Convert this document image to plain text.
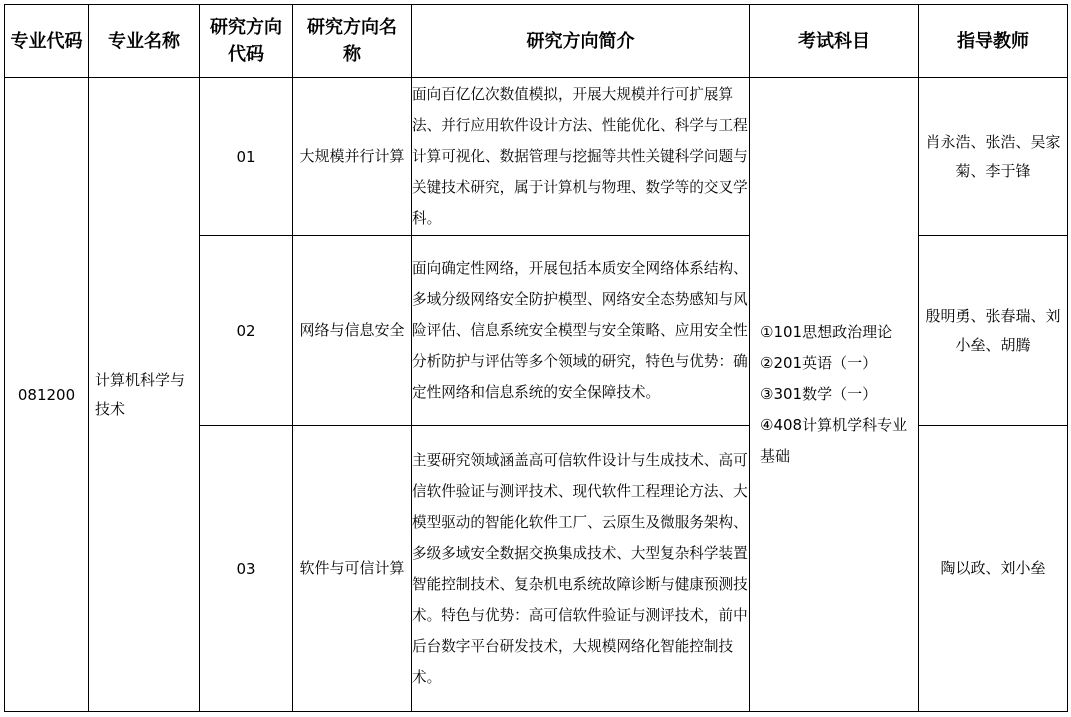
专业代码	专业名称	研究方向代码	研究方向名称	研究方向简介	考试科目	指导教师
081200	计算机科学与技术	01	大规模并行计算	面向百亿亿次数值模拟，开展大规模并行可扩展算法、并行应用软件设计方法、性能优化、科学与工程计算可视化、数据管理与挖掘等共性关键科学问题与关键技术研究，属于计算机与物理、数学等的交叉学科。	①101思想政治理论
②201英语（一）
③301数学（一）
④408计算机学科专业基础	肖永浩、张浩、吴家菊、李于锋

		02	网络与信息安全	面向确定性网络，开展包括本质安全网络体系结构、多域分级网络安全防护模型、网络安全态势感知与风险评估、信息系统安全模型与安全策略、应用安全性分析防护与评估等多个领域的研究，特色与优势：确定性网络和信息系统的安全保障技术。		殷明勇、张春瑞、刘小垒、胡腾

		03	软件与可信计算	主要研究领域涵盖高可信软件设计与生成技术、高可信软件验证与测评技术、现代软件工程理论方法、大模型驱动的智能化软件工厂、云原生及微服务架构、多级多域安全数据交换集成技术、大型复杂科学装置智能控制技术、复杂机电系统故障诊断与健康预测技术。特色与优势：高可信软件验证与测评技术，前中后台数字平台研发技术，大规模网络化智能控制技术。		陶以政、刘小垒
